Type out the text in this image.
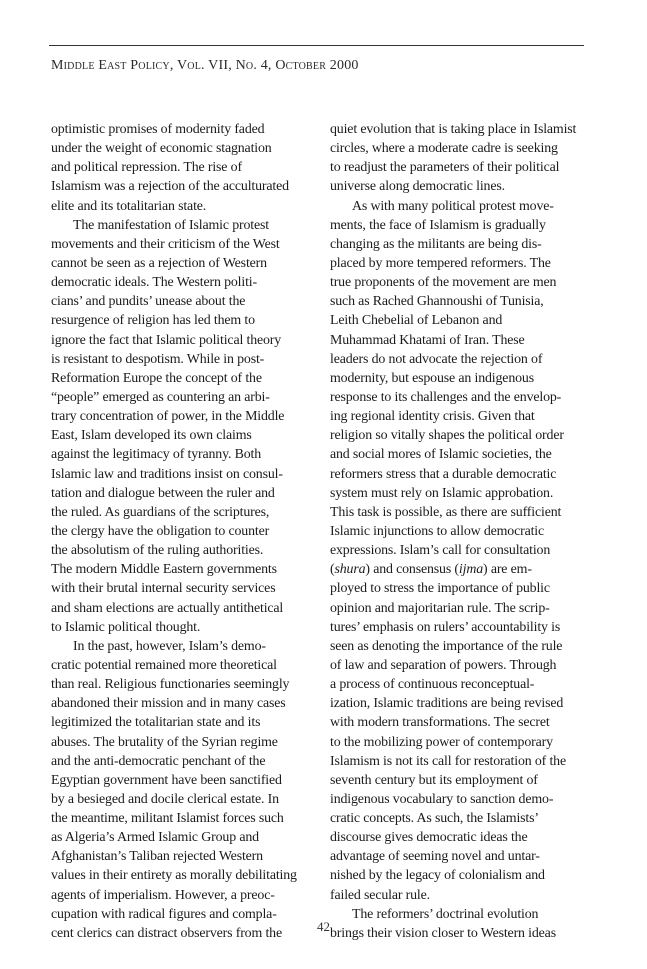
Middle East Policy, Vol. VII, No. 4, October 2000

optimistic promises of modernity faded
under the weight of economic stagnation
and political repression. The rise of
Islamism was a rejection of the acculturated
elite and its totalitarian state.
The manifestation of Islamic protest
movements and their criticism of the West
cannot be seen as a rejection of Western
democratic ideals. The Western politi-
cians’ and pundits’ unease about the
resurgence of religion has led them to
ignore the fact that Islamic political theory
is resistant to despotism. While in post-
Reformation Europe the concept of the
“people” emerged as countering an arbi-
trary concentration of power, in the Middle
East, Islam developed its own claims
against the legitimacy of tyranny. Both
Islamic law and traditions insist on consul-
tation and dialogue between the ruler and
the ruled. As guardians of the scriptures,
the clergy have the obligation to counter
the absolutism of the ruling authorities.
The modern Middle Eastern governments
with their brutal internal security services
and sham elections are actually antithetical
to Islamic political thought.
In the past, however, Islam’s demo-
cratic potential remained more theoretical
than real. Religious functionaries seemingly
abandoned their mission and in many cases
legitimized the totalitarian state and its
abuses. The brutality of the Syrian regime
and the anti-democratic penchant of the
Egyptian government have been sanctified
by a besieged and docile clerical estate. In
the meantime, militant Islamist forces such
as Algeria’s Armed Islamic Group and
Afghanistan’s Taliban rejected Western
values in their entirety as morally debilitating
agents of imperialism. However, a preoc-
cupation with radical figures and compla-
cent clerics can distract observers from the
quiet evolution that is taking place in Islamist
circles, where a moderate cadre is seeking
to readjust the parameters of their political
universe along democratic lines.
As with many political protest move-
ments, the face of Islamism is gradually
changing as the militants are being dis-
placed by more tempered reformers. The
true proponents of the movement are men
such as Rached Ghannoushi of Tunisia,
Leith Chebelial of Lebanon and
Muhammad Khatami of Iran. These
leaders do not advocate the rejection of
modernity, but espouse an indigenous
response to its challenges and the envelop-
ing regional identity crisis. Given that
religion so vitally shapes the political order
and social mores of Islamic societies, the
reformers stress that a durable democratic
system must rely on Islamic approbation.
This task is possible, as there are sufficient
Islamic injunctions to allow democratic
expressions. Islam’s call for consultation
(shura) and consensus (ijma) are em-
ployed to stress the importance of public
opinion and majoritarian rule. The scrip-
tures’ emphasis on rulers’ accountability is
seen as denoting the importance of the rule
of law and separation of powers. Through
a process of continuous reconceptual-
ization, Islamic traditions are being revised
with modern transformations. The secret
to the mobilizing power of contemporary
Islamism is not its call for restoration of the
seventh century but its employment of
indigenous vocabulary to sanction demo-
cratic concepts. As such, the Islamists’
discourse gives democratic ideas the
advantage of seeming novel and untar-
nished by the legacy of colonialism and
failed secular rule.
The reformers’ doctrinal evolution
brings their vision closer to Western ideas
42
